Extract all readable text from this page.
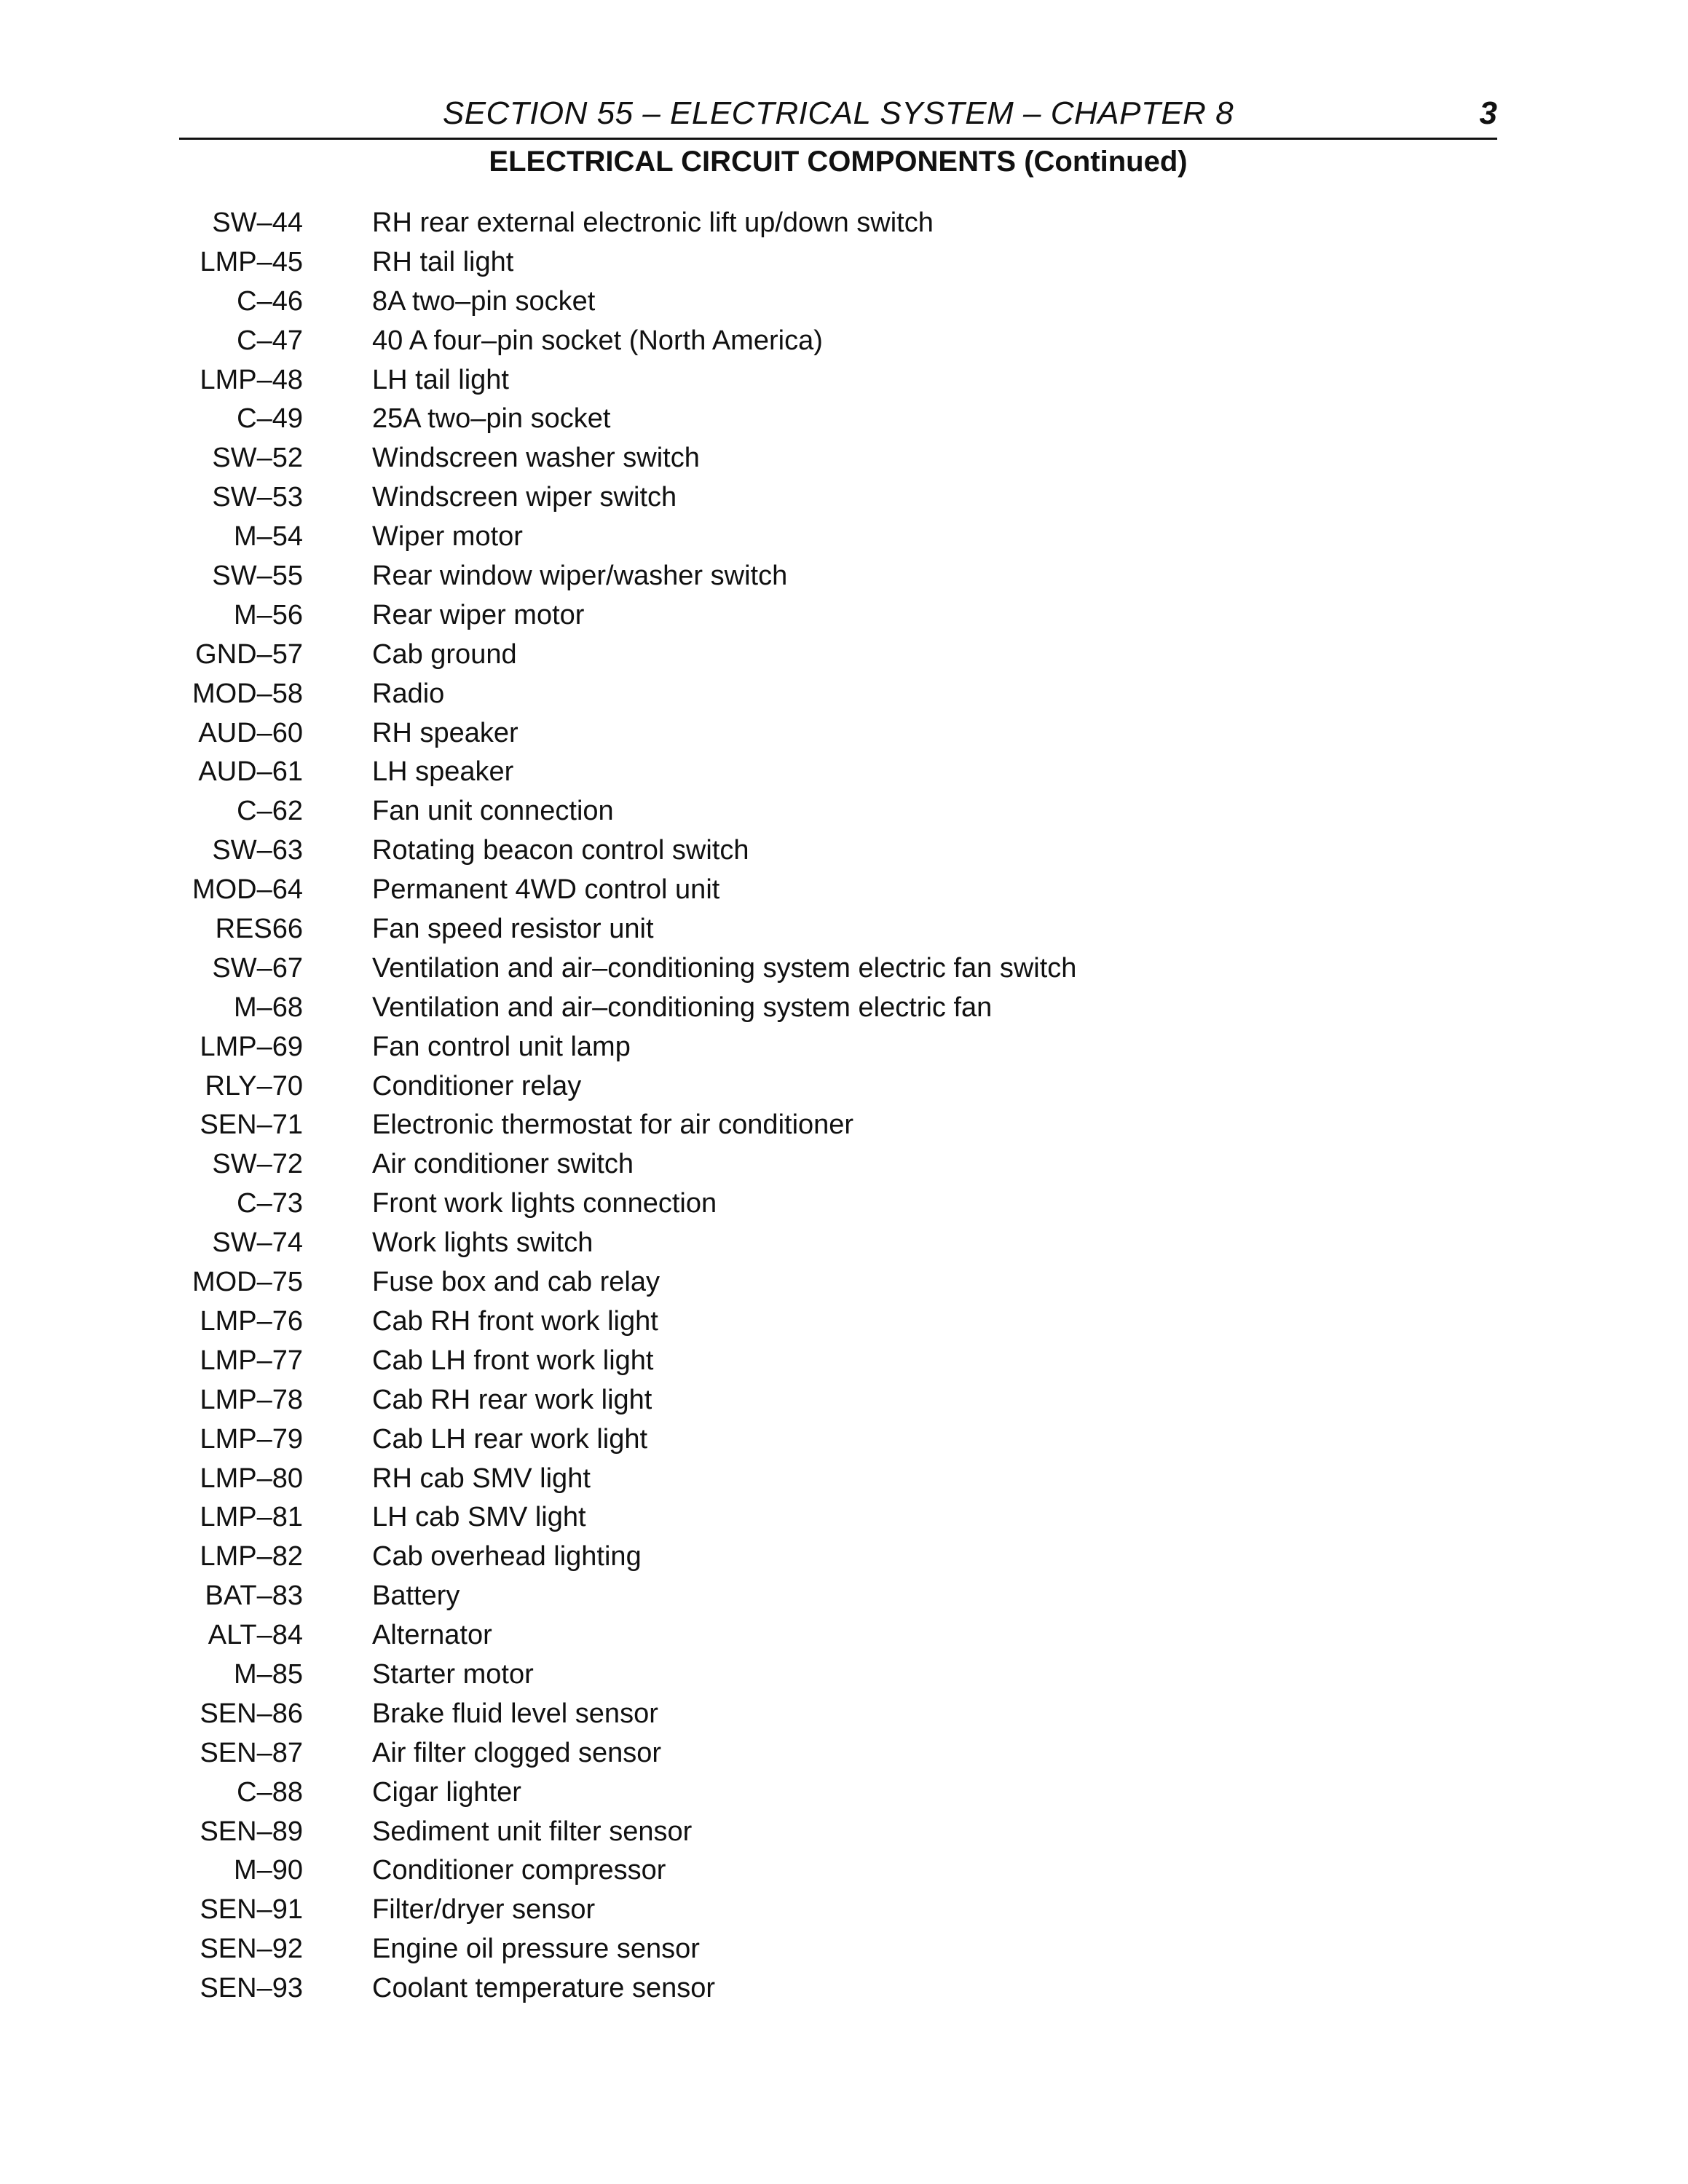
SECTION 55 – ELECTRICAL SYSTEM – CHAPTER 8	3
ELECTRICAL CIRCUIT COMPONENTS (Continued)
SW–44	RH rear external electronic lift up/down switch
LMP–45	RH tail light
C–46	8A two–pin socket
C–47	40 A four–pin socket (North America)
LMP–48	LH tail light
C–49	25A two–pin socket
SW–52	Windscreen washer switch
SW–53	Windscreen wiper switch
M–54	Wiper motor
SW–55	Rear window wiper/washer switch
M–56	Rear wiper motor
GND–57	Cab ground
MOD–58	Radio
AUD–60	RH speaker
AUD–61	LH speaker
C–62	Fan unit connection
SW–63	Rotating beacon control switch
MOD–64	Permanent 4WD control unit
RES66	Fan speed resistor unit
SW–67	Ventilation and air–conditioning system electric fan switch
M–68	Ventilation and air–conditioning system electric fan
LMP–69	Fan control unit lamp
RLY–70	Conditioner relay
SEN–71	Electronic thermostat for air conditioner
SW–72	Air conditioner switch
C–73	Front work lights connection
SW–74	Work lights switch
MOD–75	Fuse box and cab relay
LMP–76	Cab RH front work light
LMP–77	Cab LH front work light
LMP–78	Cab RH rear work light
LMP–79	Cab LH rear work light
LMP–80	RH cab SMV light
LMP–81	LH cab SMV light
LMP–82	Cab overhead lighting
BAT–83	Battery
ALT–84	Alternator
M–85	Starter motor
SEN–86	Brake fluid level sensor
SEN–87	Air filter clogged sensor
C–88	Cigar lighter
SEN–89	Sediment unit filter sensor
M–90	Conditioner compressor
SEN–91	Filter/dryer sensor
SEN–92	Engine oil pressure sensor
SEN–93	Coolant temperature sensor
